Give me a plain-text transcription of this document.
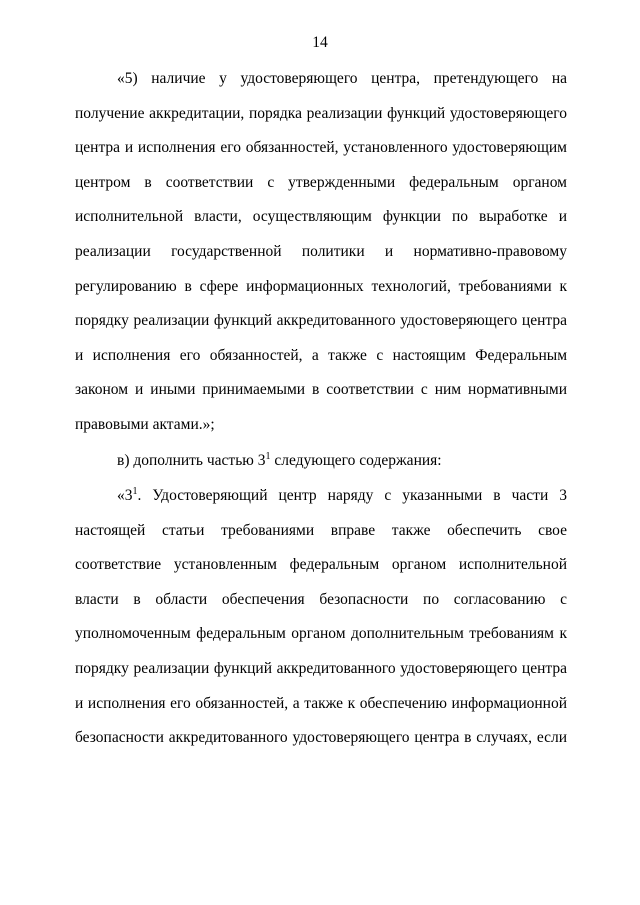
14

«5) наличие у удостоверяющего центра, претендующего на получение аккредитации, порядка реализации функций удостоверяющего центра и исполнения его обязанностей, установленного удостоверяющим центром в соответствии с утвержденными федеральным органом исполнительной власти, осуществляющим функции по выработке и реализации государственной политики и нормативно-правовому регулированию в сфере информационных технологий, требованиями к порядку реализации функций аккредитованного удостоверяющего центра и исполнения его обязанностей, а также с настоящим Федеральным законом и иными принимаемыми в соответствии с ним нормативными правовыми актами.»;

в) дополнить частью $3^1$ следующего содержания:

«$3^1$. Удостоверяющий центр наряду с указанными в части 3 настоящей статьи требованиями вправе также обеспечить свое соответствие установленным федеральным органом исполнительной власти в области обеспечения безопасности по согласованию с уполномоченным федеральным органом дополнительным требованиям к порядку реализации функций аккредитованного удостоверяющего центра и исполнения его обязанностей, а также к обеспечению информационной безопасности аккредитованного удостоверяющего центра в случаях, если
